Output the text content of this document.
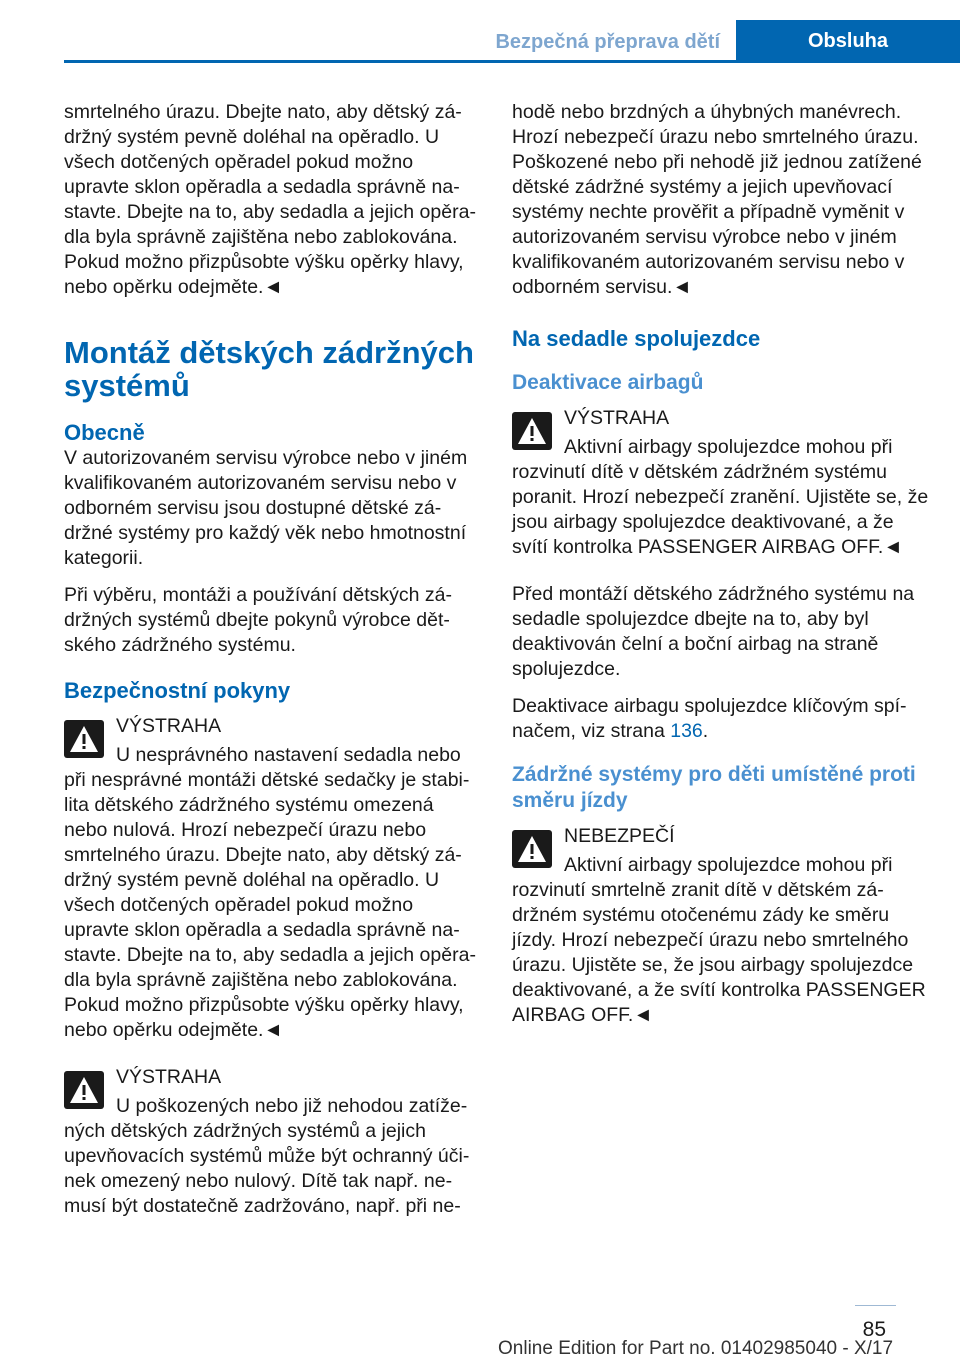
Bezpečná přeprava dětí	Obsluha

smrtelného úrazu. Dbejte nato, aby dětský zádržný systém pevně doléhal na opěradlo. U všech dotčených opěradel pokud možno upravte sklon opěradla a sedadla správně nastavte. Dbejte na to, aby sedadla a jejich opěradla byla správně zajištěna nebo zablokována. Pokud možno přizpůsobte výšku opěrky hlavy, nebo opěrku odejměte.◄

Montáž dětských zádržných systémů
Obecně

V autorizovaném servisu výrobce nebo v jiném kvalifikovaném autorizovaném servisu nebo v odborném servisu jsou dostupné dětské zádržné systémy pro každý věk nebo hmotnostní kategorii.

Při výběru, montáži a používání dětských zádržných systémů dbejte pokynů výrobce dětského zádržného systému.

Bezpečnostní pokyny
VÝSTRAHA
U nesprávného nastavení sedadla nebo při nesprávné montáži dětské sedačky je stabilita dětského zádržného systému omezená nebo nulová. Hrozí nebezpečí úrazu nebo smrtelného úrazu. Dbejte nato, aby dětský zádržný systém pevně doléhal na opěradlo. U všech dotčených opěradel pokud možno upravte sklon opěradla a sedadla správně nastavte. Dbejte na to, aby sedadla a jejich opěradla byla správně zajištěna nebo zablokována. Pokud možno přizpůsobte výšku opěrky hlavy, nebo opěrku odejměte.◄
VÝSTRAHA
U poškozených nebo již nehodou zatížených dětských zádržných systémů a jejich upevňovacích systémů může být ochranný účinek omezený nebo nulový. Dítě tak např. nemusí být dostatečně zadržováno, např. při ne-

hodě nebo brzdných a úhybných manévrech. Hrozí nebezpečí úrazu nebo smrtelného úrazu. Poškozené nebo při nehodě již jednou zatížené dětské zádržné systémy a jejich upevňovací systémy nechte prověřit a případně vyměnit v autorizovaném servisu výrobce nebo v jiném kvalifikovaném autorizovaném servisu nebo v odborném servisu.◄

Na sedadle spolujezdce
Deaktivace airbagů
VÝSTRAHA
Aktivní airbagy spolujezdce mohou při rozvinutí dítě v dětském zádržném systému poranit. Hrozí nebezpečí zranění. Ujistěte se, že jsou airbagy spolujezdce deaktivované, a že svítí kontrolka PASSENGER AIRBAG OFF.◄

Před montáží dětského zádržného systému na sedadle spolujezdce dbejte na to, aby byl deaktivován čelní a boční airbag na straně spolujezdce.

Deaktivace airbagu spolujezdce klíčovým spínačem, viz strana 136.

Zádržné systémy pro děti umístěné proti směru jízdy
NEBEZPEČÍ
Aktivní airbagy spolujezdce mohou při rozvinutí smrtelně zranit dítě v dětském zádržném systému otočenému zády ke směru jízdy. Hrozí nebezpečí úrazu nebo smrtelného úrazu. Ujistěte se, že jsou airbagy spolujezdce deaktivované, a že svítí kontrolka PASSENGER AIRBAG OFF.◄
85
Online Edition for Part no. 01402985040 - X/17
